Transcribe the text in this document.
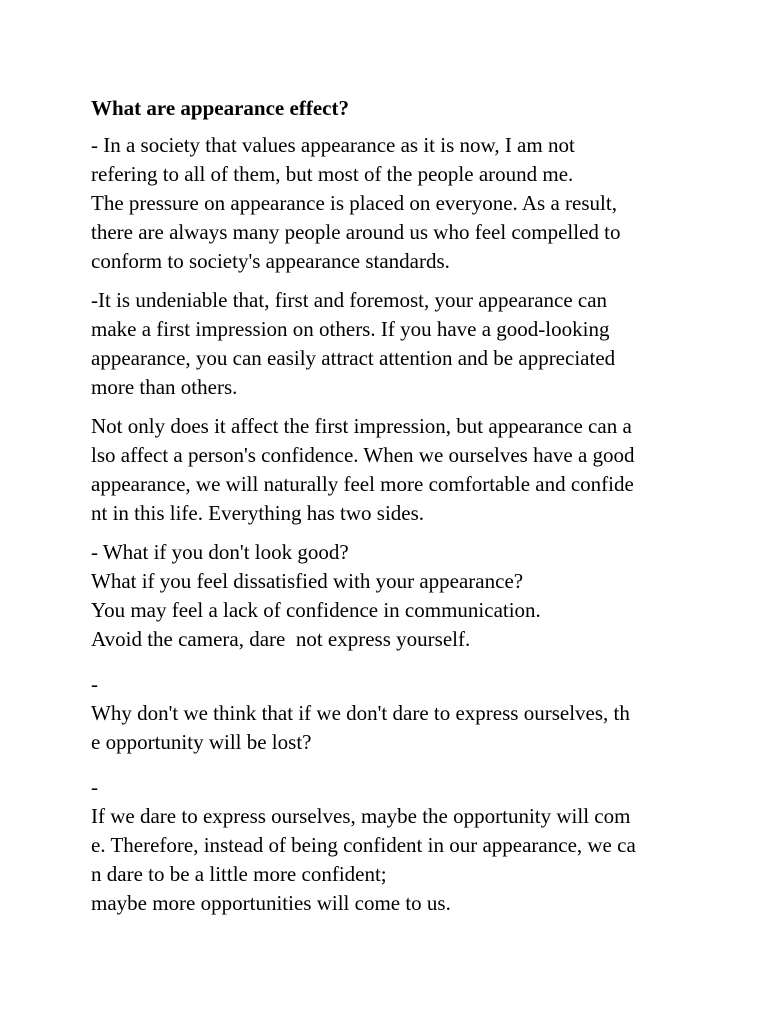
What are appearance effect?
- In a society that values appearance as it is now, I am not
refering to all of them, but most of the people around me.
The pressure on appearance is placed on everyone. As a result,
there are always many people around us who feel compelled to
conform to society's appearance standards.
-It is undeniable that, first and foremost, your appearance can
make a first impression on others. If you have a good-looking
appearance, you can easily attract attention and be appreciated
more than others.
Not only does it affect the first impression, but appearance can a
lso affect a person's confidence. When we ourselves have a good
appearance, we will naturally feel more comfortable and confide
nt in this life. Everything has two sides.
- What if you don't look good?
What if you feel dissatisfied with your appearance?
You may feel a lack of confidence in communication.
Avoid the camera, dare  not express yourself.
-
Why don't we think that if we don't dare to express ourselves, th
e opportunity will be lost?
-
If we dare to express ourselves, maybe the opportunity will com
e. Therefore, instead of being confident in our appearance, we ca
n dare to be a little more confident;
maybe more opportunities will come to us.
